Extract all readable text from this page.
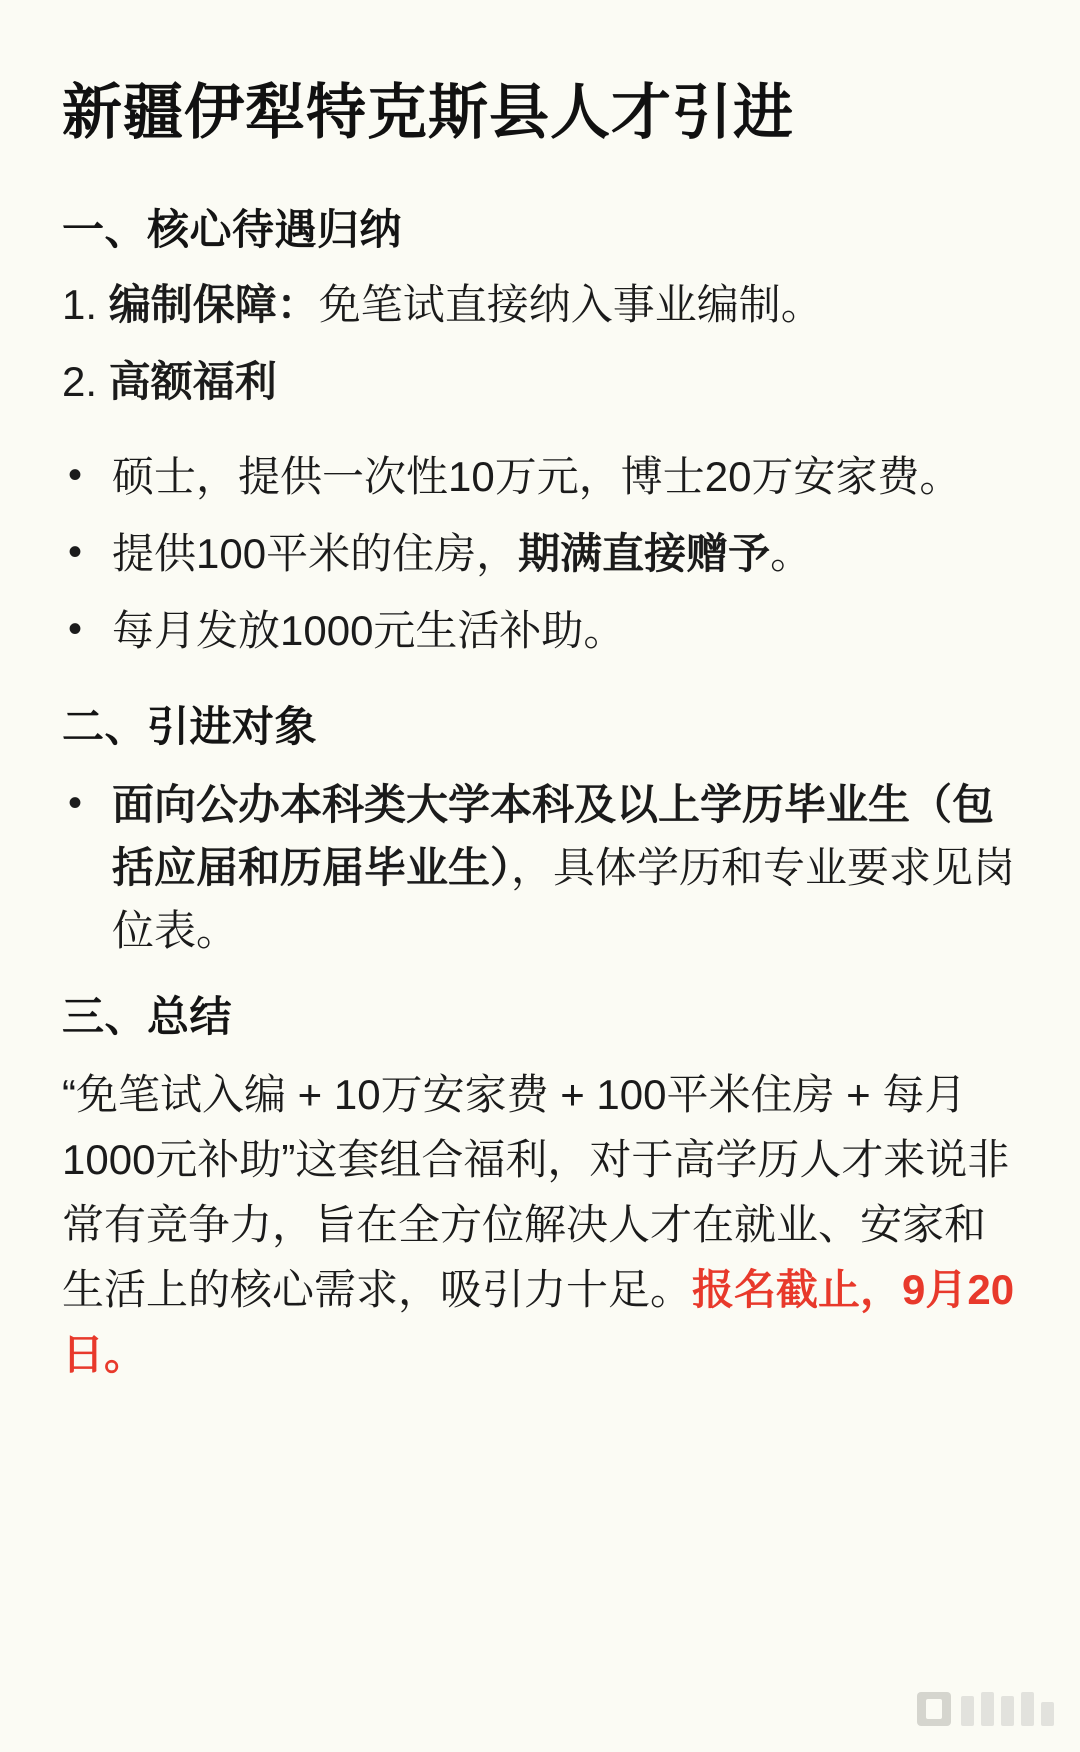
新疆伊犁特克斯县人才引进
一、核心待遇归纳

1. 编制保障：免笔试直接纳入事业编制。

2. 高额福利

• 硕士，提供一次性10万元，博士20万安家费。
• 提供100平米的住房，期满直接赠予。
• 每月发放1000元生活补助。
二、引进对象
• 面向公办本科类大学本科及以上学历毕业生（包括应届和历届毕业生），具体学历和专业要求见岗位表。
三、总结

“免笔试入编 + 10万安家费 + 100平米住房 + 每月1000元补助”这套组合福利，对于高学历人才来说非常有竞争力，旨在全方位解决人才在就业、安家和生活上的核心需求，吸引力十足。报名截止，9月20日。
